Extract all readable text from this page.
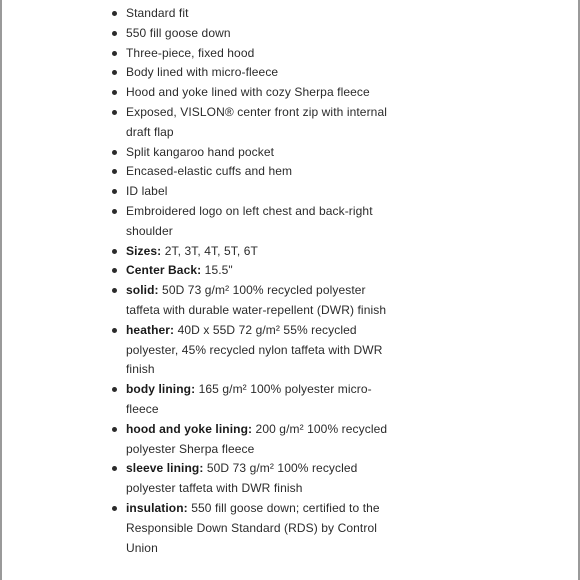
Standard fit
550 fill goose down
Three-piece, fixed hood
Body lined with micro-fleece
Hood and yoke lined with cozy Sherpa fleece
Exposed, VISLON® center front zip with internal draft flap
Split kangaroo hand pocket
Encased-elastic cuffs and hem
ID label
Embroidered logo on left chest and back-right shoulder
Sizes: 2T, 3T, 4T, 5T, 6T
Center Back: 15.5"
solid: 50D 73 g/m² 100% recycled polyester taffeta with durable water-repellent (DWR) finish
heather: 40D x 55D 72 g/m² 55% recycled polyester, 45% recycled nylon taffeta with DWR finish
body lining: 165 g/m² 100% polyester micro-fleece
hood and yoke lining: 200 g/m² 100% recycled polyester Sherpa fleece
sleeve lining: 50D 73 g/m² 100% recycled polyester taffeta with DWR finish
insulation: 550 fill goose down; certified to the Responsible Down Standard (RDS) by Control Union
